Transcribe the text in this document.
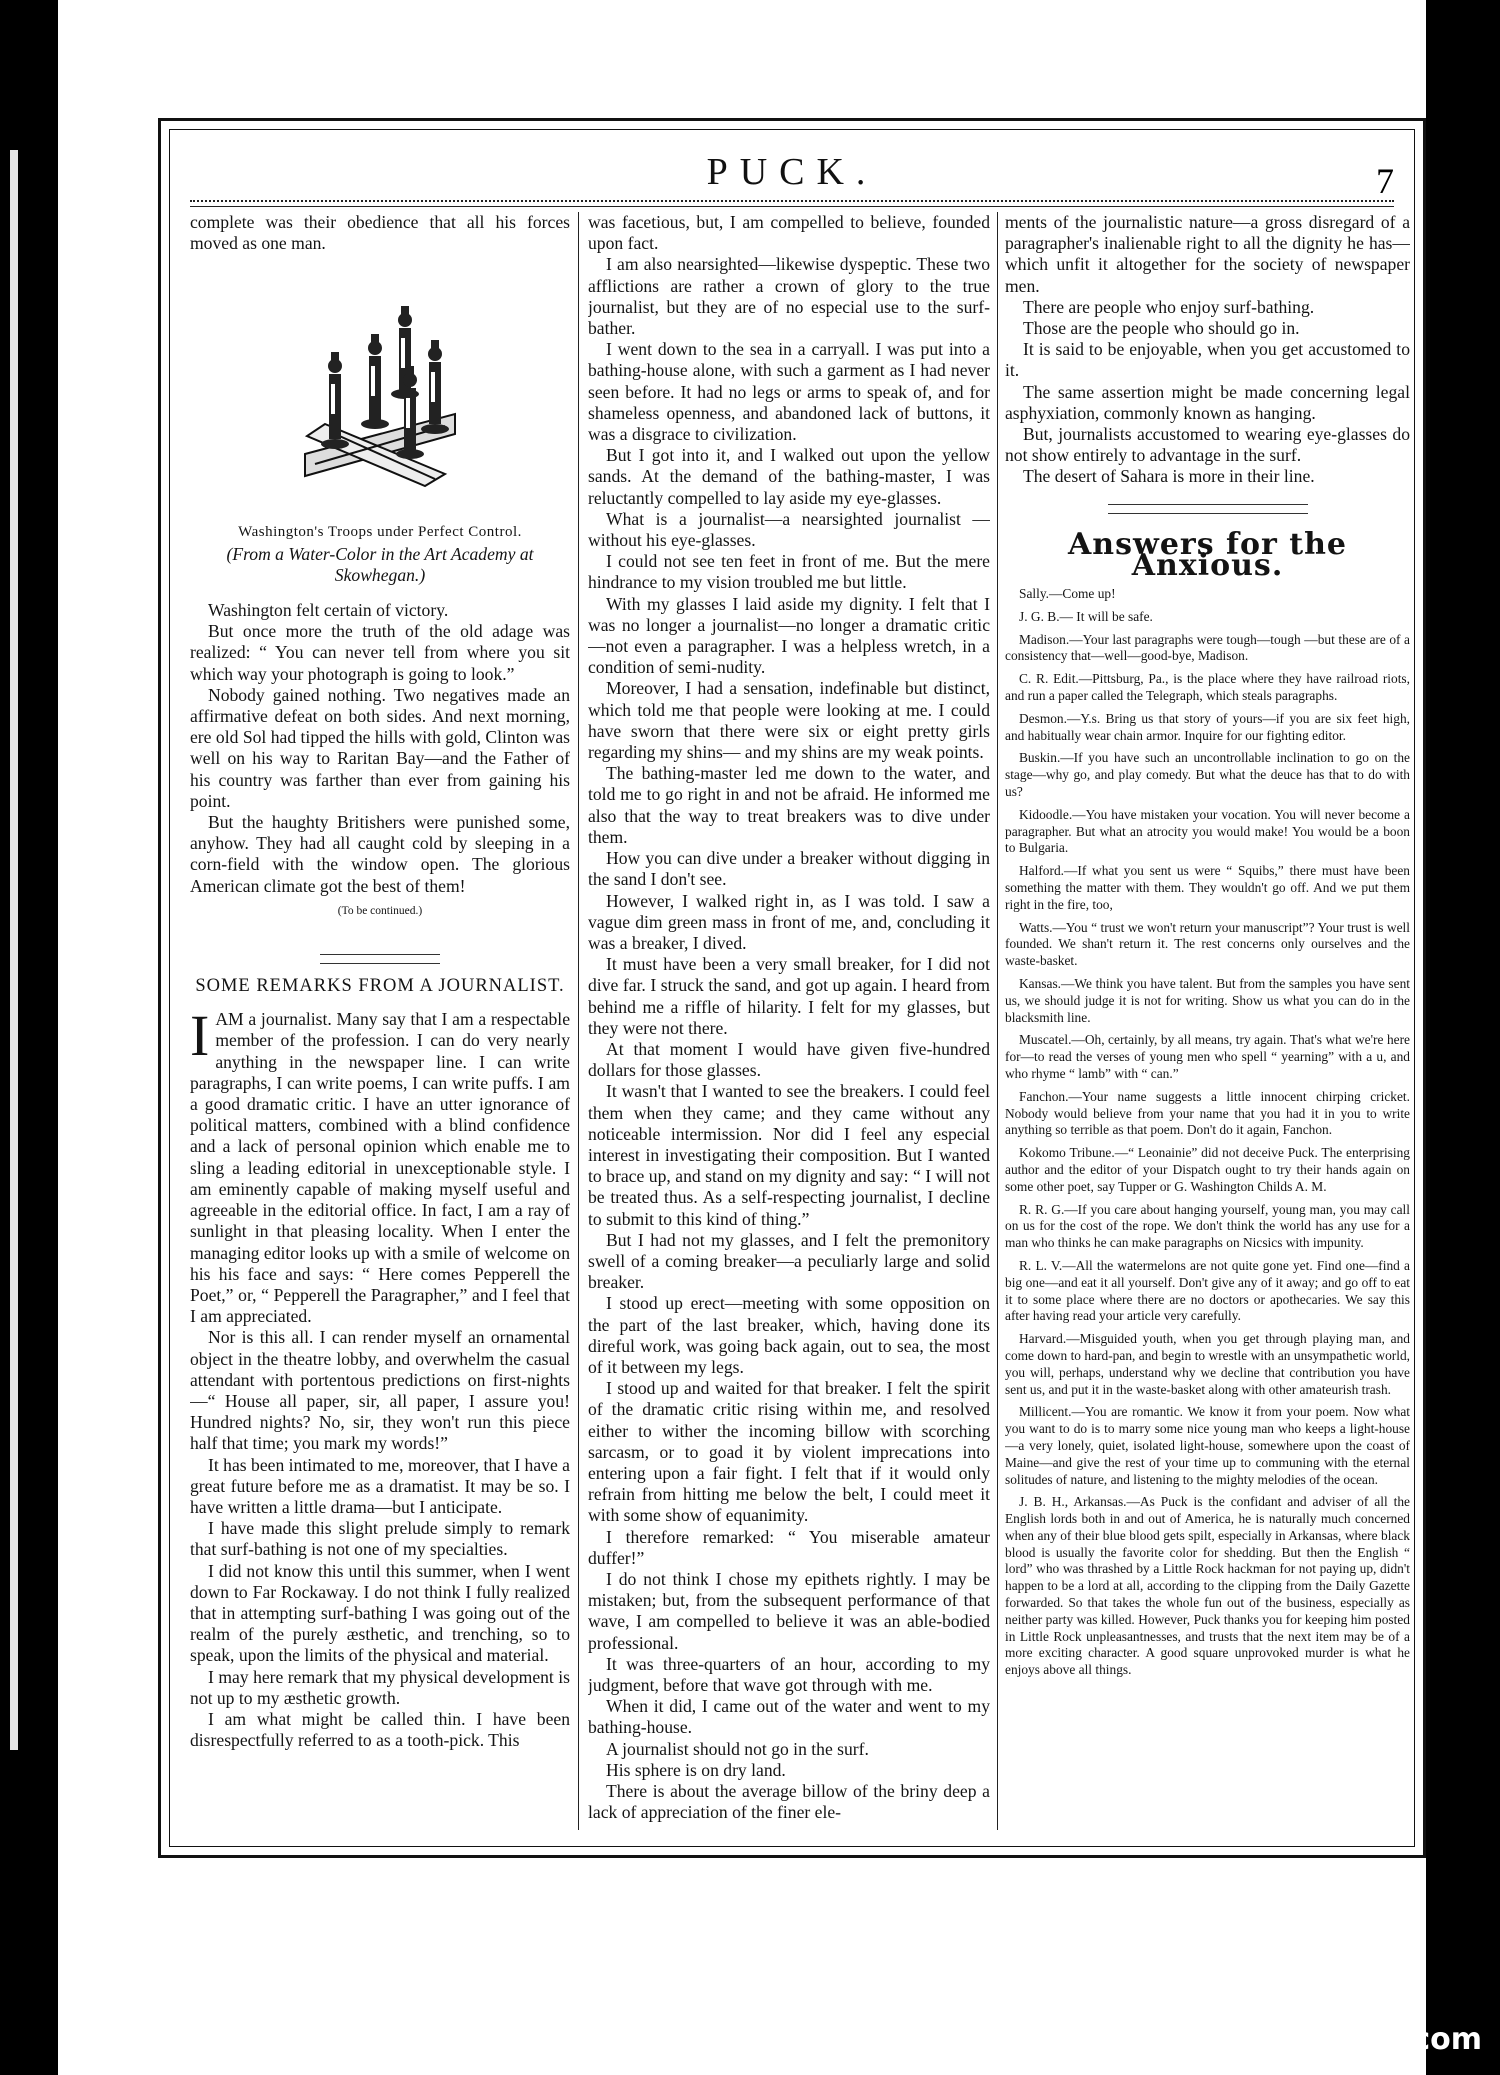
PUCK.	7

complete was their obedience that all his forces moved as one man.

Washington's Troops under Perfect Control.

(From a Water-Color in the Art Academy at Skowhegan.)

Washington felt certain of victory.

But once more the truth of the old adage was realized: “ You can never tell from where you sit which way your photograph is going to look.”

Nobody gained nothing. Two negatives made an affirmative defeat on both sides. And next morning, ere old Sol had tipped the hills with gold, Clinton was well on his way to Raritan Bay—and the Father of his country was farther than ever from gaining his point.

But the haughty Britishers were punished some, anyhow. They had all caught cold by sleeping in a corn-field with the window open. The glorious American climate got the best of them!

(To be continued.)

SOME REMARKS FROM A JOURNALIST.

IAM a journalist. Many say that I am a respectable member of the profession. I can do very nearly anything in the newspaper line. I can write paragraphs, I can write poems, I can write puffs. I am a good dramatic critic. I have an utter ignorance of political matters, combined with a blind confidence and a lack of personal opinion which enable me to sling a leading editorial in unexceptionable style. I am eminently capable of making myself useful and agreeable in the editorial office. In fact, I am a ray of sunlight in that pleasing locality. When I enter the managing editor looks up with a smile of welcome on his his face and says: “ Here comes Pepperell the Poet,” or, “ Pepperell the Paragrapher,” and I feel that I am appreciated.

Nor is this all. I can render myself an ornamental object in the theatre lobby, and overwhelm the casual attendant with portentous predictions on first-nights—“ House all paper, sir, all paper, I assure you! Hundred nights? No, sir, they won't run this piece half that time; you mark my words!”

It has been intimated to me, moreover, that I have a great future before me as a dramatist. It may be so. I have written a little drama—but I anticipate.

I have made this slight prelude simply to remark that surf-bathing is not one of my specialties.

I did not know this until this summer, when I went down to Far Rockaway. I do not think I fully realized that in attempting surf-bathing I was going out of the realm of the purely æsthetic, and trenching, so to speak, upon the limits of the physical and material.

I may here remark that my physical development is not up to my æsthetic growth.

I am what might be called thin. I have been disrespectfully referred to as a tooth-pick. This

was facetious, but, I am compelled to believe, founded upon fact.

I am also nearsighted—likewise dyspeptic. These two afflictions are rather a crown of glory to the true journalist, but they are of no especial use to the surf-bather.

I went down to the sea in a carryall. I was put into a bathing-house alone, with such a garment as I had never seen before. It had no legs or arms to speak of, and for shameless openness, and abandoned lack of buttons, it was a disgrace to civilization.

But I got into it, and I walked out upon the yellow sands. At the demand of the bathing-master, I was reluctantly compelled to lay aside my eye-glasses.

What is a journalist—a nearsighted journalist —without his eye-glasses.

I could not see ten feet in front of me. But the mere hindrance to my vision troubled me but little.

With my glasses I laid aside my dignity. I felt that I was no longer a journalist—no longer a dramatic critic—not even a paragrapher. I was a helpless wretch, in a condition of semi-nudity.

Moreover, I had a sensation, indefinable but distinct, which told me that people were looking at me. I could have sworn that there were six or eight pretty girls regarding my shins— and my shins are my weak points.

The bathing-master led me down to the water, and told me to go right in and not be afraid. He informed me also that the way to treat breakers was to dive under them.

How you can dive under a breaker without digging in the sand I don't see.

However, I walked right in, as I was told. I saw a vague dim green mass in front of me, and, concluding it was a breaker, I dived.

It must have been a very small breaker, for I did not dive far. I struck the sand, and got up again. I heard from behind me a riffle of hilarity. I felt for my glasses, but they were not there.

At that moment I would have given five-hundred dollars for those glasses.

It wasn't that I wanted to see the breakers. I could feel them when they came; and they came without any noticeable intermission. Nor did I feel any especial interest in investigating their composition. But I wanted to brace up, and stand on my dignity and say: “ I will not be treated thus. As a self-respecting journalist, I decline to submit to this kind of thing.”

But I had not my glasses, and I felt the premonitory swell of a coming breaker—a peculiarly large and solid breaker.

I stood up erect—meeting with some opposition on the part of the last breaker, which, having done its direful work, was going back again, out to sea, the most of it between my legs.

I stood up and waited for that breaker. I felt the spirit of the dramatic critic rising within me, and resolved either to wither the incoming billow with scorching sarcasm, or to goad it by violent imprecations into entering upon a fair fight. I felt that if it would only refrain from hitting me below the belt, I could meet it with some show of equanimity.

I therefore remarked: “ You miserable amateur duffer!”

I do not think I chose my epithets rightly. I may be mistaken; but, from the subsequent performance of that wave, I am compelled to believe it was an able-bodied professional.

It was three-quarters of an hour, according to my judgment, before that wave got through with me.

When it did, I came out of the water and went to my bathing-house.

A journalist should not go in the surf.

His sphere is on dry land.

There is about the average billow of the briny deep a lack of appreciation of the finer ele-

ments of the journalistic nature—a gross disregard of a paragrapher's inalienable right to all the dignity he has—which unfit it altogether for the society of newspaper men.

There are people who enjoy surf-bathing.

Those are the people who should go in.

It is said to be enjoyable, when you get accustomed to it.

The same assertion might be made concerning legal asphyxiation, commonly known as hanging.

But, journalists accustomed to wearing eye-glasses do not show entirely to advantage in the surf.

The desert of Sahara is more in their line.

Answers for the Anxious.

Sally.—Come up!

J. G. B.— It will be safe.

Madison.—Your last paragraphs were tough—tough —but these are of a consistency that—well—good-bye, Madison.

C. R. Edit.—Pittsburg, Pa., is the place where they have railroad riots, and run a paper called the Telegraph, which steals paragraphs.

Desmon.—Y.s. Bring us that story of yours—if you are six feet high, and habitually wear chain armor. Inquire for our fighting editor.

Buskin.—If you have such an uncontrollable inclination to go on the stage—why go, and play comedy. But what the deuce has that to do with us?

Kidoodle.—You have mistaken your vocation. You will never become a paragrapher. But what an atrocity you would make! You would be a boon to Bulgaria.

Halford.—If what you sent us were “ Squibs,” there must have been something the matter with them. They wouldn't go off. And we put them right in the fire, too,

Watts.—You “ trust we won't return your manuscript”? Your trust is well founded. We shan't return it. The rest concerns only ourselves and the waste-basket.

Kansas.—We think you have talent. But from the samples you have sent us, we should judge it is not for writing. Show us what you can do in the blacksmith line.

Muscatel.—Oh, certainly, by all means, try again. That's what we're here for—to read the verses of young men who spell “ yearning” with a u, and who rhyme “ lamb” with “ can.”

Fanchon.—Your name suggests a little innocent chirping cricket. Nobody would believe from your name that you had it in you to write anything so terrible as that poem. Don't do it again, Fanchon.

Kokomo Tribune.—“ Leonainie” did not deceive Puck. The enterprising author and the editor of your Dispatch ought to try their hands again on some other poet, say Tupper or G. Washington Childs A. M.

R. R. G.—If you care about hanging yourself, young man, you may call on us for the cost of the rope. We don't think the world has any use for a man who thinks he can make paragraphs on Nicsics with impunity.

R. L. V.—All the watermelons are not quite gone yet. Find one—find a big one—and eat it all yourself. Don't give any of it away; and go off to eat it to some place where there are no doctors or apothecaries. We say this after having read your article very carefully.

Harvard.—Misguided youth, when you get through playing man, and come down to hard-pan, and begin to wrestle with an unsympathetic world, you will, perhaps, understand why we decline that contribution you have sent us, and put it in the waste-basket along with other amateurish trash.

Millicent.—You are romantic. We know it from your poem. Now what you want to do is to marry some nice young man who keeps a light-house—a very lonely, quiet, isolated light-house, somewhere upon the coast of Maine—and give the rest of your time up to communing with the eternal solitudes of nature, and listening to the mighty melodies of the ocean.

J. B. H., Arkansas.—As Puck is the confidant and adviser of all the English lords both in and out of America, he is naturally much concerned when any of their blue blood gets spilt, especially in Arkansas, where black blood is usually the favorite color for shedding. But then the English “ lord” who was thrashed by a Little Rock hackman for not paying up, didn't happen to be a lord at all, according to the clipping from the Daily Gazette forwarded. So that takes the whole fun out of the business, especially as neither party was killed. However, Puck thanks you for keeping him posted in Little Rock unpleasantnesses, and trusts that the next item may be of a more exciting character. A good square unprovoked murder is what he enjoys above all things.

comicbooks.com
